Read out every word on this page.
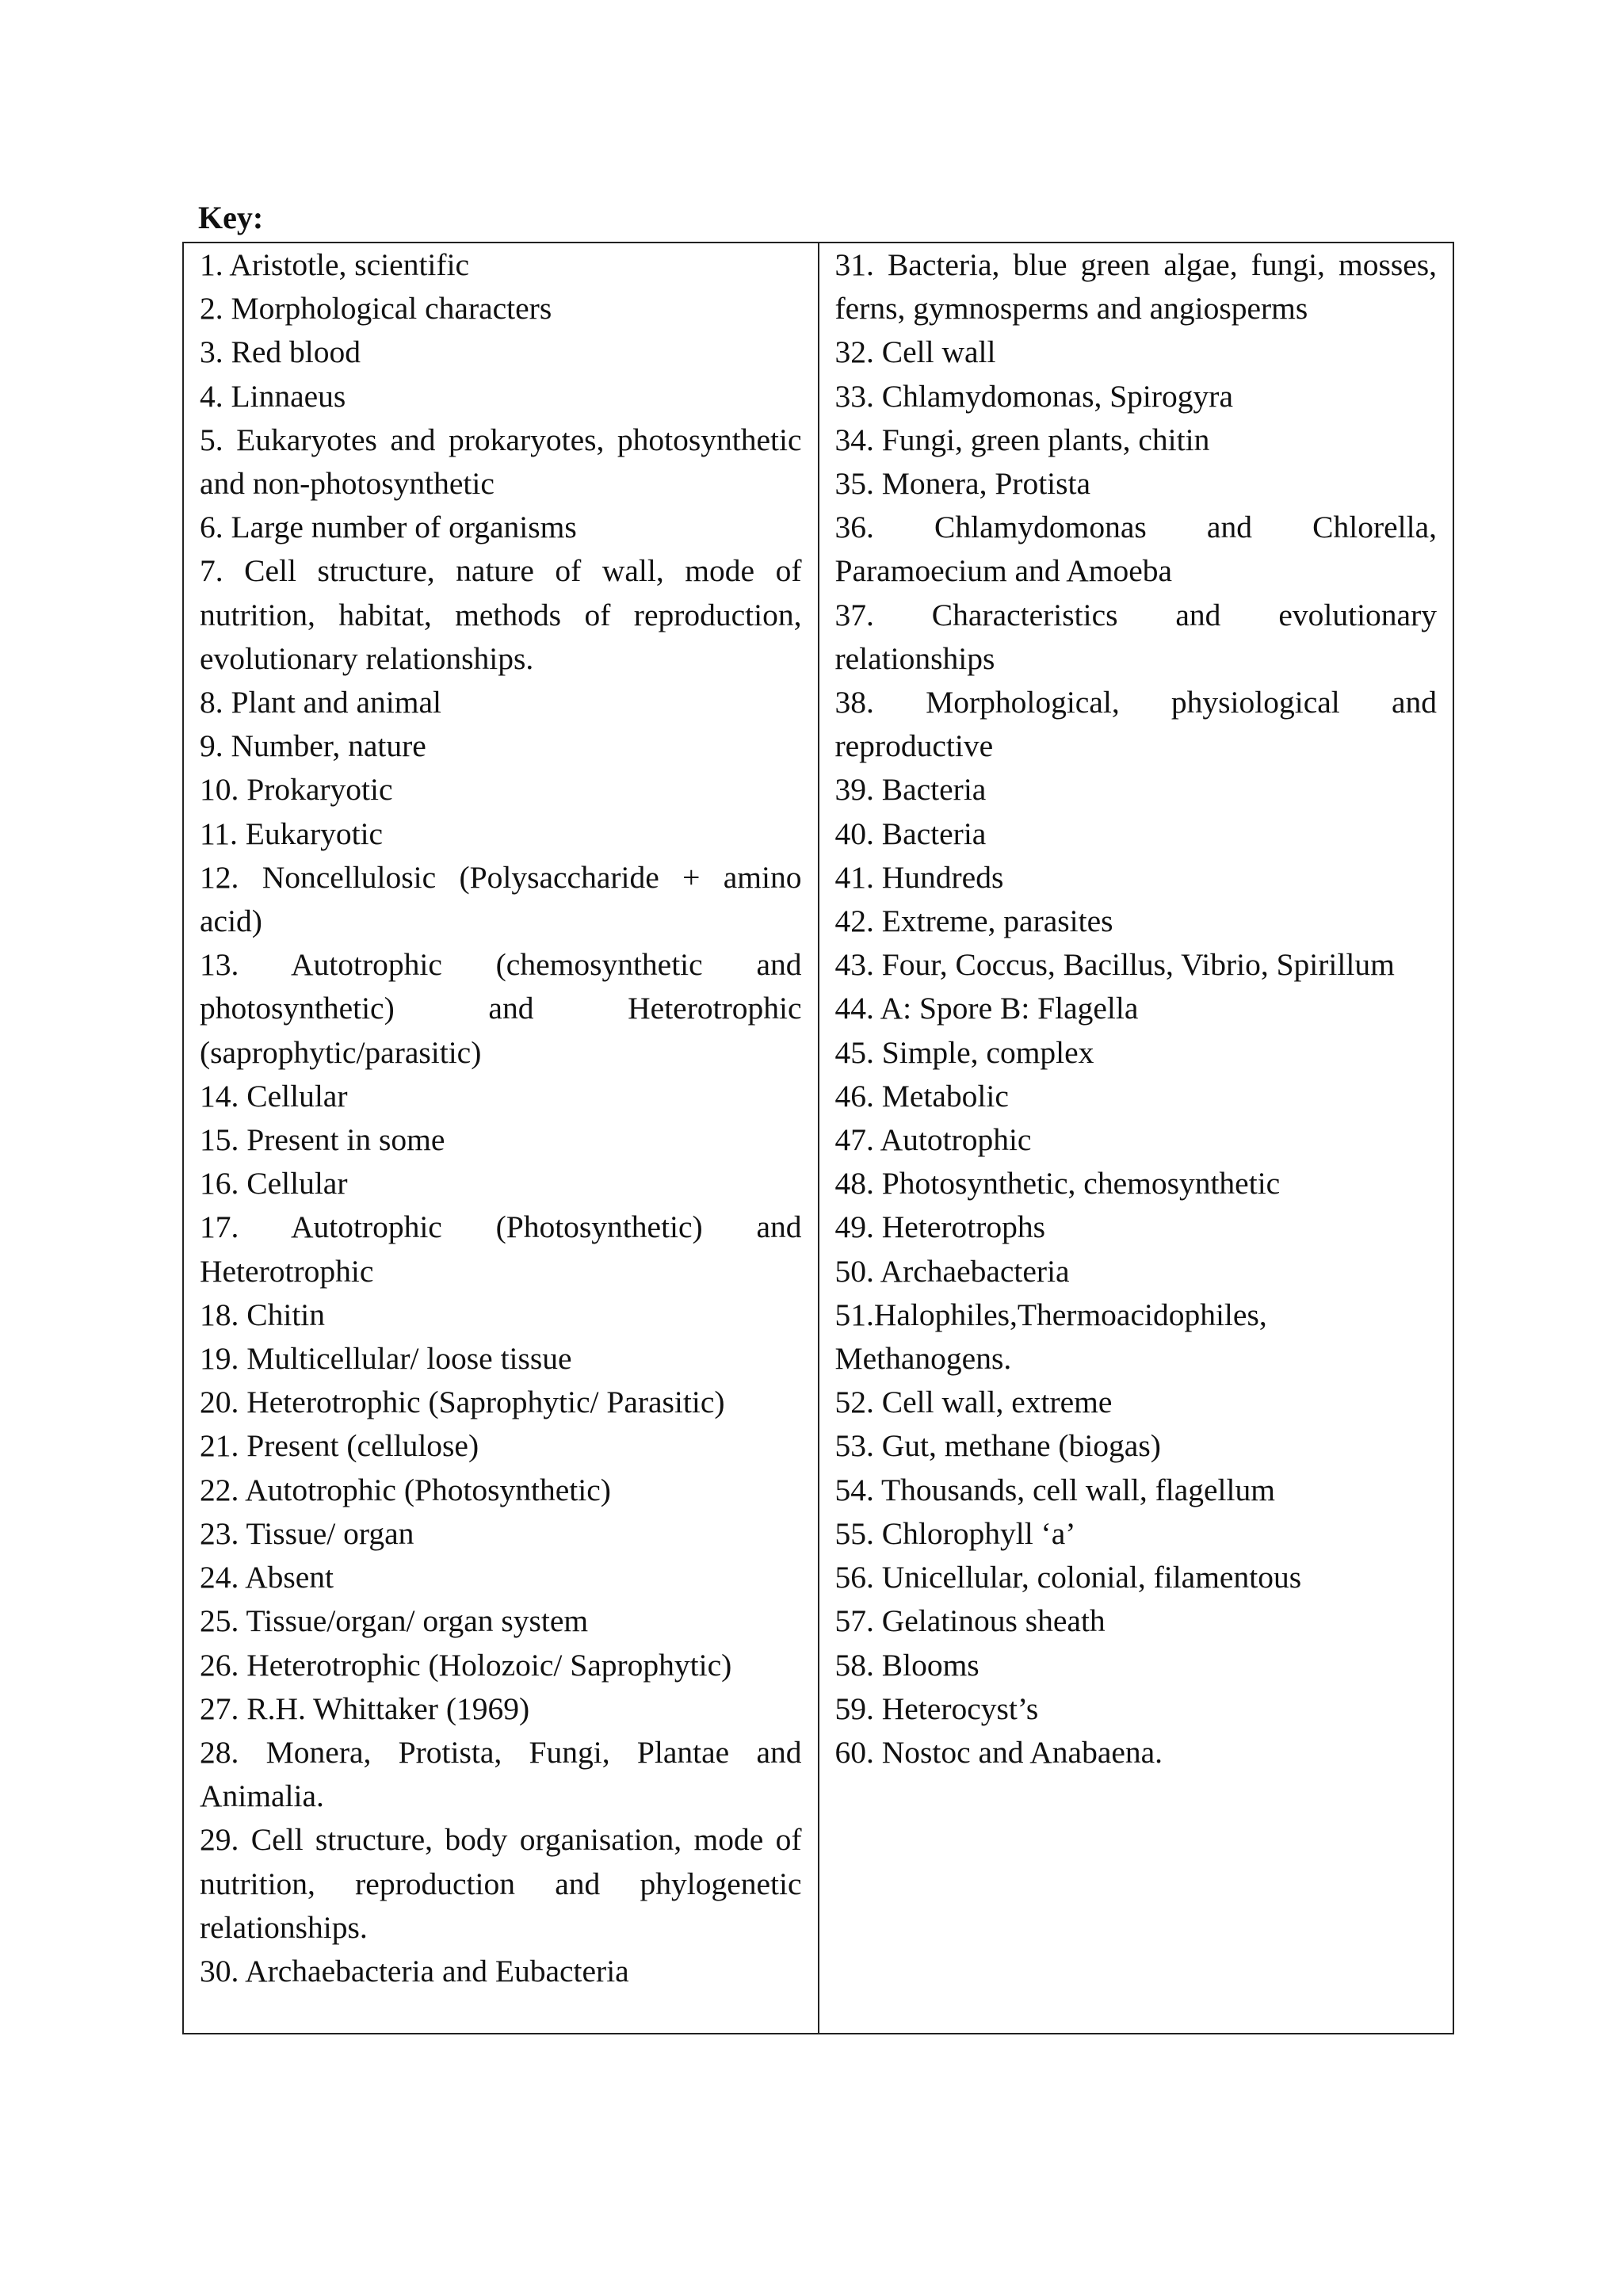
Key:
1. Aristotle, scientific
2. Morphological characters
3. Red blood
4. Linnaeus
5. Eukaryotes and prokaryotes, photosynthetic and non-photosynthetic
6. Large number of organisms
7. Cell structure, nature of wall, mode of nutrition, habitat, methods of reproduction, evolutionary relationships.
8. Plant and animal
9. Number, nature
10. Prokaryotic
11. Eukaryotic
12. Noncellulosic (Polysaccharide + amino acid)
13. Autotrophic (chemosynthetic and photosynthetic) and Heterotrophic (saprophytic/parasitic)
14. Cellular
15. Present in some
16. Cellular
17. Autotrophic (Photosynthetic) and Heterotrophic
18. Chitin
19. Multicellular/ loose tissue
20. Heterotrophic (Saprophytic/ Parasitic)
21. Present (cellulose)
22. Autotrophic (Photosynthetic)
23. Tissue/ organ
24. Absent
25. Tissue/organ/ organ system
26. Heterotrophic (Holozoic/ Saprophytic)
27. R.H. Whittaker (1969)
28. Monera, Protista, Fungi, Plantae and Animalia.
29. Cell structure, body organisation, mode of nutrition, reproduction and phylogenetic relationships.
30. Archaebacteria and Eubacteria

31. Bacteria, blue green algae, fungi, mosses, ferns, gymnosperms and angiosperms
32. Cell wall
33. Chlamydomonas, Spirogyra
34. Fungi, green plants, chitin
35. Monera, Protista
36. Chlamydomonas and Chlorella, Paramoecium and Amoeba
37. Characteristics and evolutionary relationships
38. Morphological, physiological and reproductive
39. Bacteria
40. Bacteria
41. Hundreds
42. Extreme, parasites
43. Four, Coccus, Bacillus, Vibrio, Spirillum
44. A: Spore B: Flagella
45. Simple, complex
46. Metabolic
47. Autotrophic
48. Photosynthetic, chemosynthetic
49. Heterotrophs
50. Archaebacteria
51.Halophiles,Thermoacidophiles, Methanogens.
52. Cell wall, extreme
53. Gut, methane (biogas)
54. Thousands, cell wall, flagellum
55. Chlorophyll ‘a’
56. Unicellular, colonial, filamentous
57. Gelatinous sheath
58. Blooms
59. Heterocyst’s
60. Nostoc and Anabaena.
